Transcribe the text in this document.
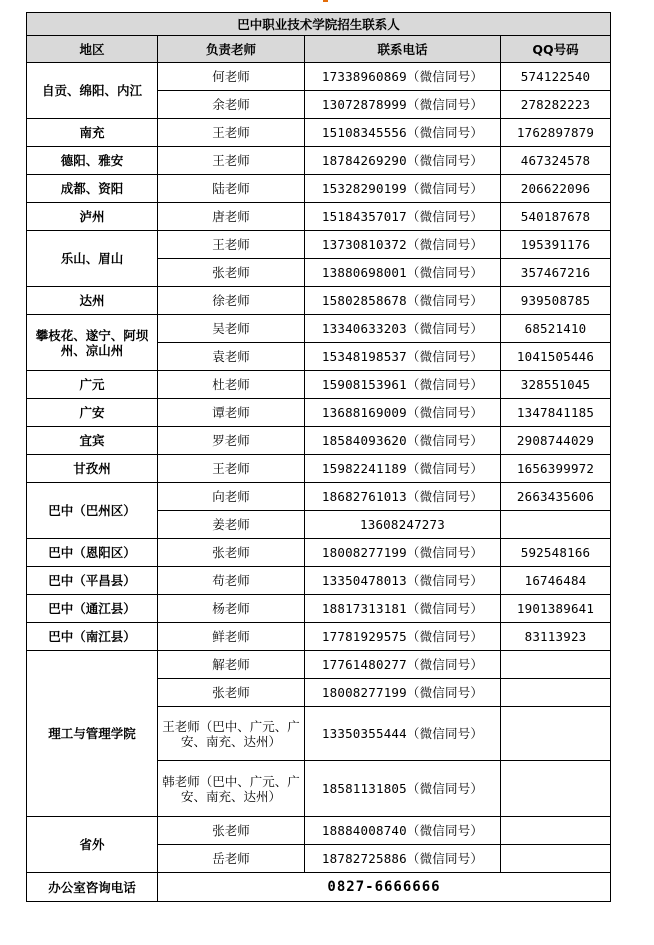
巴中职业技术学院招生联系人			
地区	负责老师	联系电话	QQ号码
自贡、绵阳、内江	何老师	17338960869（微信同号）	574122540
	余老师	13072878999（微信同号）	278282223
南充	王老师	15108345556（微信同号）	1762897879
德阳、雅安	王老师	18784269290（微信同号）	467324578
成都、资阳	陆老师	15328290199（微信同号）	206622096
泸州	唐老师	15184357017（微信同号）	540187678
乐山、眉山	王老师	13730810372（微信同号）	195391176
	张老师	13880698001（微信同号）	357467216
达州	徐老师	15802858678（微信同号）	939508785
攀枝花、遂宁、阿坝州、凉山州	吴老师	13340633203（微信同号）	68521410
	袁老师	15348198537（微信同号）	1041505446
广元	杜老师	15908153961（微信同号）	328551045
广安	谭老师	13688169009（微信同号）	1347841185
宜宾	罗老师	18584093620（微信同号）	2908744029
甘孜州	王老师	15982241189（微信同号）	1656399972
巴中（巴州区）	向老师	18682761013（微信同号）	2663435606
	姜老师	13608247273	
巴中（恩阳区）	张老师	18008277199（微信同号）	592548166
巴中（平昌县）	苟老师	13350478013（微信同号）	16746484
巴中（通江县）	杨老师	18817313181（微信同号）	1901389641
巴中（南江县）	鲜老师	17781929575（微信同号）	83113923
理工与管理学院	解老师	17761480277（微信同号）	
	张老师	18008277199（微信同号）	
	王老师（巴中、广元、广安、南充、达州）	13350355444（微信同号）	
	韩老师（巴中、广元、广安、南充、达州）	18581131805（微信同号）	
省外	张老师	18884008740（微信同号）	
	岳老师	18782725886（微信同号）	
办公室咨询电话	0827-6666666		
